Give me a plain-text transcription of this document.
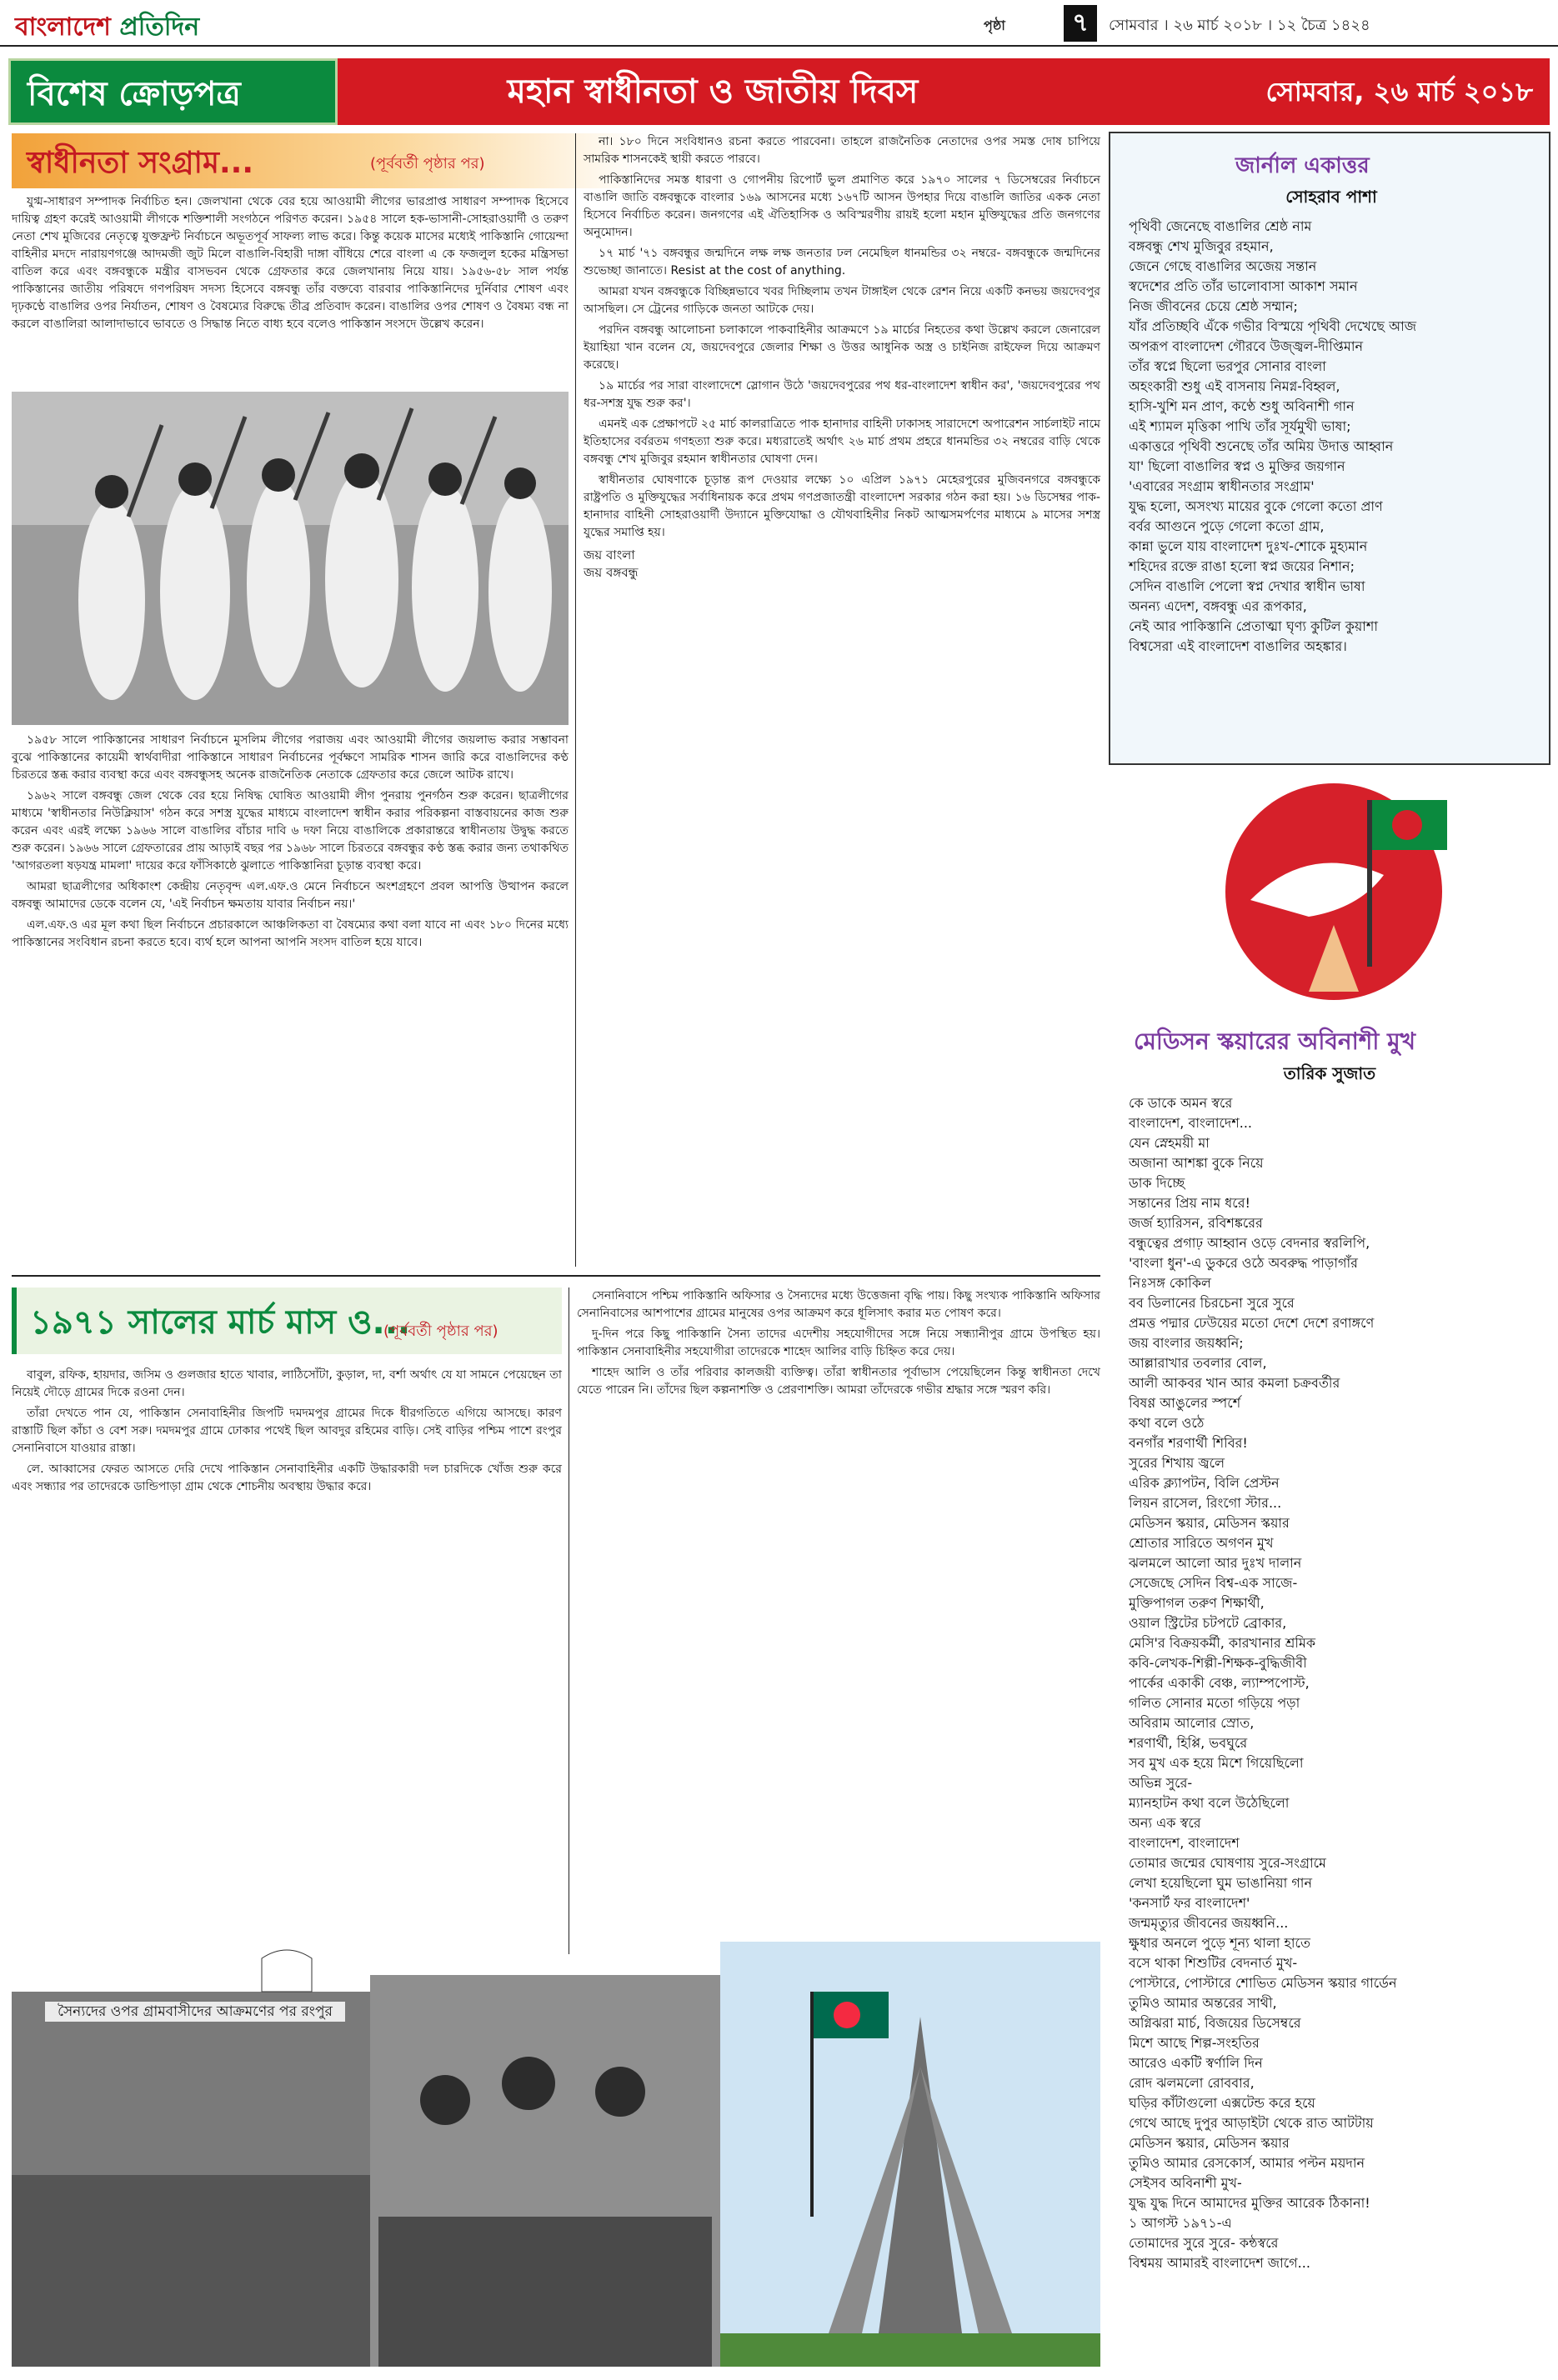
বাংলাদেশ প্রতিদিন	পৃষ্ঠা	৭	সোমবার । ২৬ মার্চ ২০১৮ । ১২ চৈত্র ১৪২৪
বিশেষ ক্রোড়পত্র	মহান স্বাধীনতা ও জাতীয় দিবস	সোমবার, ২৬ মার্চ ২০১৮
স্বাধীনতা সংগ্রাম...	(পূর্ববর্তী পৃষ্ঠার পর)

যুগ্ম-সাধারণ সম্পাদক নির্বাচিত হন। জেলখানা থেকে বের হয়ে আওয়ামী লীগের ভারপ্রাপ্ত সাধারণ সম্পাদক হিসেবে দায়িত্ব গ্রহণ করেই আওয়ামী লীগকে শক্তিশালী সংগঠনে পরিণত করেন। ১৯৫৪ সালে হক-ভাসানী-সোহরাওয়ার্দী ও তরুণ নেতা শেখ মুজিবের নেতৃত্বে যুক্তফ্রন্ট নির্বাচনে অভূতপূর্ব সাফল্য লাভ করে। কিন্তু কয়েক মাসের মধ্যেই পাকিস্তানি গোয়েন্দা বাহিনীর মদদে নারায়ণগঞ্জে আদমজী জুট মিলে বাঙালি-বিহারী দাঙ্গা বাঁধিয়ে শেরে বাংলা এ কে ফজলুল হকের মন্ত্রিসভা বাতিল করে এবং বঙ্গবন্ধুকে মন্ত্রীর বাসভবন থেকে গ্রেফতার করে জেলখানায় নিয়ে যায়। ১৯৫৬-৫৮ সাল পর্যন্ত পাকিস্তানের জাতীয় পরিষদে গণপরিষদ সদস্য হিসেবে বঙ্গবন্ধু তাঁর বক্তব্যে বারবার পাকিস্তানিদের দুর্নিবার শোষণ এবং দৃঢ়কণ্ঠে বাঙালির ওপর নির্যাতন, শোষণ ও বৈষম্যের বিরুদ্ধে তীব্র প্রতিবাদ করেন। বাঙালির ওপর শোষণ ও বৈষম্য বন্ধ না করলে বাঙালিরা আলাদাভাবে ভাবতে ও সিদ্ধান্ত নিতে বাধ্য হবে বলেও পাকিস্তান সংসদে উল্লেখ করেন।

১৯৫৮ সালে পাকিস্তানের সাধারণ নির্বাচনে মুসলিম লীগের পরাজয় এবং আওয়ামী লীগের জয়লাভ করার সম্ভাবনা বুঝে পাকিস্তানের কায়েমী স্বার্থবাদীরা পাকিস্তানে সাধারণ নির্বাচনের পূর্বক্ষণে সামরিক শাসন জারি করে বাঙালিদের কণ্ঠ চিরতরে স্তব্ধ করার ব্যবস্থা করে এবং বঙ্গবন্ধুসহ অনেক রাজনৈতিক নেতাকে গ্রেফতার করে জেলে আটক রাখে।

১৯৬২ সালে বঙ্গবন্ধু জেল থেকে বের হয়ে নিষিদ্ধ ঘোষিত আওয়ামী লীগ পুনরায় পুনর্গঠন শুরু করেন। ছাত্রলীগের মাধ্যমে 'স্বাধীনতার নিউক্লিয়াস' গঠন করে সশস্ত্র যুদ্ধের মাধ্যমে বাংলাদেশ স্বাধীন করার পরিকল্পনা বাস্তবায়নের কাজ শুরু করেন এবং এরই লক্ষ্যে ১৯৬৬ সালে বাঙালির বাঁচার দাবি ৬ দফা নিয়ে বাঙালিকে প্রকারান্তরে স্বাধীনতায় উদ্বুদ্ধ করতে শুরু করেন। ১৯৬৬ সালে গ্রেফতারের প্রায় আড়াই বছর পর ১৯৬৮ সালে চিরতরে বঙ্গবন্ধুর কণ্ঠ স্তব্ধ করার জন্য তথাকথিত 'আগরতলা ষড়যন্ত্র মামলা' দায়ের করে ফাঁসিকাষ্ঠে ঝুলাতে পাকিস্তানিরা চূড়ান্ত ব্যবস্থা করে।

আমরা ছাত্রলীগের অধিকাংশ কেন্দ্রীয় নেতৃবৃন্দ এল.এফ.ও মেনে নির্বাচনে অংশগ্রহণে প্রবল আপত্তি উত্থাপন করলে বঙ্গবন্ধু আমাদের ডেকে বলেন যে, 'এই নির্বাচন ক্ষমতায় যাবার নির্বাচন নয়।'

এল.এফ.ও এর মূল কথা ছিল নির্বাচনে প্রচারকালে আঞ্চলিকতা বা বৈষম্যের কথা বলা যাবে না এবং ১৮০ দিনের মধ্যে পাকিস্তানের সংবিধান রচনা করতে হবে। ব্যর্থ হলে আপনা আপনি সংসদ বাতিল হয়ে যাবে।

না। ১৮০ দিনে সংবিধানও রচনা করতে পারবেনা। তাহলে রাজনৈতিক নেতাদের ওপর সমস্ত দোষ চাপিয়ে সামরিক শাসনকেই স্থায়ী করতে পারবে।

পাকিস্তানিদের সমস্ত ধারণা ও গোপনীয় রিপোর্ট ভুল প্রমাণিত করে ১৯৭০ সালের ৭ ডিসেম্বরের নির্বাচনে বাঙালি জাতি বঙ্গবন্ধুকে বাংলার ১৬৯ আসনের মধ্যে ১৬৭টি আসন উপহার দিয়ে বাঙালি জাতির একক নেতা হিসেবে নির্বাচিত করেন। জনগণের এই ঐতিহাসিক ও অবিস্মরণীয় রায়ই হলো মহান মুক্তিযুদ্ধের প্রতি জনগণের অনুমোদন।

১৭ মার্চ '৭১ বঙ্গবন্ধুর জন্মদিনে লক্ষ লক্ষ জনতার ঢল নেমেছিল ধানমন্ডির ৩২ নম্বরে- বঙ্গবন্ধুকে জন্মদিনের শুভেচ্ছা জানাতে। Resist at the cost of anything.

আমরা যখন বঙ্গবন্ধুকে বিচ্ছিন্নভাবে খবর দিচ্ছিলাম তখন টাঙ্গাইল থেকে রেশন নিয়ে একটি কনভয় জয়দেবপুর আসছিল। সে ট্রেনের গাড়িকে জনতা আটকে দেয়।

পরদিন বঙ্গবন্ধু আলোচনা চলাকালে পাকবাহিনীর আক্রমণে ১৯ মার্চের নিহতের কথা উল্লেখ করলে জেনারেল ইয়াহিয়া খান বলেন যে, জয়দেবপুরে জেলার শিক্ষা ও উত্তর আধুনিক অস্ত্র ও চাইনিজ রাইফেল দিয়ে আক্রমণ করেছে।

১৯ মার্চের পর সারা বাংলাদেশে স্লোগান উঠে 'জয়দেবপুরের পথ ধর-বাংলাদেশ স্বাধীন কর', 'জয়দেবপুরের পথ ধর-সশস্ত্র যুদ্ধ শুরু কর'।

এমনই এক প্রেক্ষাপটে ২৫ মার্চ কালরাত্রিতে পাক হানাদার বাহিনী ঢাকাসহ সারাদেশে অপারেশন সার্চলাইট নামে ইতিহাসের বর্বরতম গণহত্যা শুরু করে। মধ্যরাতেই অর্থাৎ ২৬ মার্চ প্রথম প্রহরে ধানমন্ডির ৩২ নম্বরের বাড়ি থেকে বঙ্গবন্ধু শেখ মুজিবুর রহমান স্বাধীনতার ঘোষণা দেন।

স্বাধীনতার ঘোষণাকে চূড়ান্ত রূপ দেওয়ার লক্ষ্যে ১০ এপ্রিল ১৯৭১ মেহেরপুরের মুজিবনগরে বঙ্গবন্ধুকে রাষ্ট্রপতি ও মুক্তিযুদ্ধের সর্বাধিনায়ক করে প্রথম গণপ্রজাতন্ত্রী বাংলাদেশ সরকার গঠন করা হয়। ১৬ ডিসেম্বর পাক-হানাদার বাহিনী সোহরাওয়ার্দী উদ্যানে মুক্তিযোদ্ধা ও যৌথবাহিনীর নিকট আত্মসমর্পণের মাধ্যমে ৯ মাসের সশস্ত্র যুদ্ধের সমাপ্তি হয়।

জয় বাংলা
জয় বঙ্গবন্ধু
১৯৭১ সালের মার্চ মাস ও...
(পূর্ববর্তী পৃষ্ঠার পর)

বাবুল, রফিক, হায়দার, জসিম ও গুলজার হাতে খাবার, লাঠিসোঁটা, কুড়াল, দা, বর্শা অর্থাৎ যে যা সামনে পেয়েছেন তা নিয়েই দৌড়ে গ্রামের দিকে রওনা দেন।

তাঁরা দেখতে পান যে, পাকিস্তান সেনাবাহিনীর জিপটি দমদমপুর গ্রামের দিকে ধীরগতিতে এগিয়ে আসছে। কারণ রাস্তাটি ছিল কাঁচা ও বেশ সরু। দমদমপুর গ্রামে ঢোকার পথেই ছিল আবদুর রহিমের বাড়ি। সেই বাড়ির পশ্চিম পাশে রংপুর সেনানিবাসে যাওয়ার রাস্তা।

লে. আব্বাসের ফেরত আসতে দেরি দেখে পাকিস্তান সেনাবাহিনীর একটি উদ্ধারকারী দল চারদিকে খোঁজ শুরু করে এবং সন্ধ্যার পর তাদেরকে ডান্ডিপাড়া গ্রাম থেকে শোচনীয় অবস্থায় উদ্ধার করে।

সেনানিবাসে পশ্চিম পাকিস্তানি অফিসার ও সৈন্যদের মধ্যে উত্তেজনা বৃদ্ধি পায়। কিছু সংখ্যক পাকিস্তানি অফিসার সেনানিবাসের আশপাশের গ্রামের মানুষের ওপর আক্রমণ করে ধূলিসাৎ করার মত পোষণ করে।

দু-দিন পরে কিছু পাকিস্তানি সৈন্য তাদের এদেশীয় সহযোগীদের সঙ্গে নিয়ে সন্ধ্যানীপুর গ্রামে উপস্থিত হয়। পাকিস্তান সেনাবাহিনীর সহযোগীরা তাদেরকে শাহেদ আলির বাড়ি চিহ্নিত করে দেয়।

শাহেদ আলি ও তাঁর পরিবার কালজয়ী ব্যক্তিত্ব। তাঁরা স্বাধীনতার পূর্বাভাস পেয়েছিলেন কিন্তু স্বাধীনতা দেখে যেতে পারেন নি। তাঁদের ছিল কল্পনাশক্তি ও প্রেরণাশক্তি। আমরা তাঁদেরকে গভীর শ্রদ্ধার সঙ্গে স্মরণ করি।

সৈন্যদের ওপর গ্রামবাসীদের আক্রমণের পর রংপুর
জার্নাল একাত্তর
সোহরাব পাশা
পৃথিবী জেনেছে বাঙালির শ্রেষ্ঠ নাম
বঙ্গবন্ধু শেখ মুজিবুর রহমান,
জেনে গেছে বাঙালির অজেয় সন্তান
স্বদেশের প্রতি তাঁর ভালোবাসা আকাশ সমান
নিজ জীবনের চেয়ে শ্রেষ্ঠ সম্মান;
যাঁর প্রতিচ্ছবি এঁকে গভীর বিস্ময়ে পৃথিবী দেখেছে আজ
অপরূপ বাংলাদেশ গৌরবে উজ্জ্বল-দীপ্তিমান
তাঁর স্বপ্নে ছিলো ভরপুর সোনার বাংলা
অহংকারী শুধু এই বাসনায় নিমগ্ন-বিহ্বল,
হাসি-খুশি মন প্রাণ, কণ্ঠে শুধু অবিনাশী গান
এই শ্যামল মৃত্তিকা পাখি তাঁর সূর্যমুখী ভাষা;
একাত্তরে পৃথিবী শুনেছে তাঁর অমিয় উদাত্ত আহ্বান
যা' ছিলো বাঙালির স্বপ্ন ও মুক্তির জয়গান
'এবারের সংগ্রাম স্বাধীনতার সংগ্রাম'
যুদ্ধ হলো, অসংখ্য মায়ের বুকে গেলো কতো প্রাণ
বর্বর আগুনে পুড়ে গেলো কতো গ্রাম,
কান্না ভুলে যায় বাংলাদেশ দুঃখ-শোকে মুহ্যমান
শহিদের রক্তে রাঙা হলো স্বপ্ন জয়ের নিশান;
সেদিন বাঙালি পেলো স্বপ্ন দেখার স্বাধীন ভাষা
অনন্য এদেশ, বঙ্গবন্ধু এর রূপকার,
নেই আর পাকিস্তানি প্রেতাত্মা ঘৃণ্য কুটিল কুয়াশা
বিশ্বসেরা এই বাংলাদেশ বাঙালির অহঙ্কার।
মেডিসন স্কয়ারের অবিনাশী মুখ
তারিক সুজাত
কে ডাকে অমন স্বরে
বাংলাদেশ, বাংলাদেশ...
যেন স্নেহময়ী মা
অজানা আশঙ্কা বুকে নিয়ে
ডাক দিচ্ছে
সন্তানের প্রিয় নাম ধরে!
জর্জ হ্যারিসন, রবিশঙ্করের
বন্ধুত্বের প্রগাঢ় আহ্বান ওড়ে বেদনার স্বরলিপি,
'বাংলা ধুন'-এ ডুকরে ওঠে অবরুদ্ধ পাড়াগাঁর
নিঃসঙ্গ কোকিল
বব ডিলানের চিরচেনা সুরে সুরে
প্রমত্ত পদ্মার ঢেউয়ের মতো দেশে দেশে রণাঙ্গণে
জয় বাংলার জয়ধ্বনি;
আল্লারাখার তবলার বোল,
আলী আকবর খান আর কমলা চক্রবর্তীর
বিষণ্ণ আঙুলের স্পর্শে
কথা বলে ওঠে
বনগাঁর শরণার্থী শিবির!
সুরের শিখায় জ্বলে
এরিক ক্ল্যাপটন, বিলি প্রেস্টন
লিয়ন রাসেল, রিংগো স্টার...
মেডিসন স্কয়ার, মেডিসন স্কয়ার
শ্রোতার সারিতে অগণন মুখ
ঝলমলে আলো আর দুঃখ দালান
সেজেছে সেদিন বিশ্ব-এক সাজে-
মুক্তিপাগল তরুণ শিক্ষার্থী,
ওয়াল স্ট্রিটের চটপটে ব্রোকার,
মেসি'র বিক্রয়কর্মী, কারখানার শ্রমিক
কবি-লেখক-শিল্পী-শিক্ষক-বুদ্ধিজীবী
পার্কের একাকী বেঞ্চ, ল্যাম্পপোস্ট,
গলিত সোনার মতো গড়িয়ে পড়া
অবিরাম আলোর স্রোত,
শরণার্থী, হিপ্পি, ভবঘুরে
সব মুখ এক হয়ে মিশে গিয়েছিলো
অভিন্ন সুরে-
ম্যানহাটন কথা বলে উঠেছিলো
অন্য এক স্বরে
বাংলাদেশ, বাংলাদেশ
তোমার জন্মের ঘোষণায় সুরে-সংগ্রামে
লেখা হয়েছিলো ঘুম ভাঙানিয়া গান
'কনসার্ট ফর বাংলাদেশ'
জন্মমৃত্যুর জীবনের জয়ধ্বনি...
ক্ষুধার অনলে পুড়ে শূন্য থালা হাতে
বসে থাকা শিশুটির বেদনার্ত মুখ-
পোস্টারে, পোস্টারে শোভিত মেডিসন স্কয়ার গার্ডেন
তুমিও আমার অন্তরের সাথী,
অগ্নিঝরা মার্চ, বিজয়ের ডিসেম্বরে
মিশে আছে শিল্প-সংহতির
আরেও একটি স্বর্ণালি দিন
রোদ ঝলমলো রোববার,
ঘড়ির কাঁটাগুলো এক্সটেন্ড করে হয়ে
গেথে আছে দুপুর আড়াইটা থেকে রাত আটটায়
মেডিসন স্কয়ার, মেডিসন স্কয়ার
তুমিও আমার রেসকোর্স, আমার পল্টন ময়দান
সেইসব অবিনাশী মুখ-
যুদ্ধ যুদ্ধ দিনে আমাদের মুক্তির আরেক ঠিকানা!
১ আগস্ট ১৯৭১-এ
তোমাদের সুরে সুরে- কন্ঠস্বরে
বিশ্বময় আমারই বাংলাদেশ জাগে...
